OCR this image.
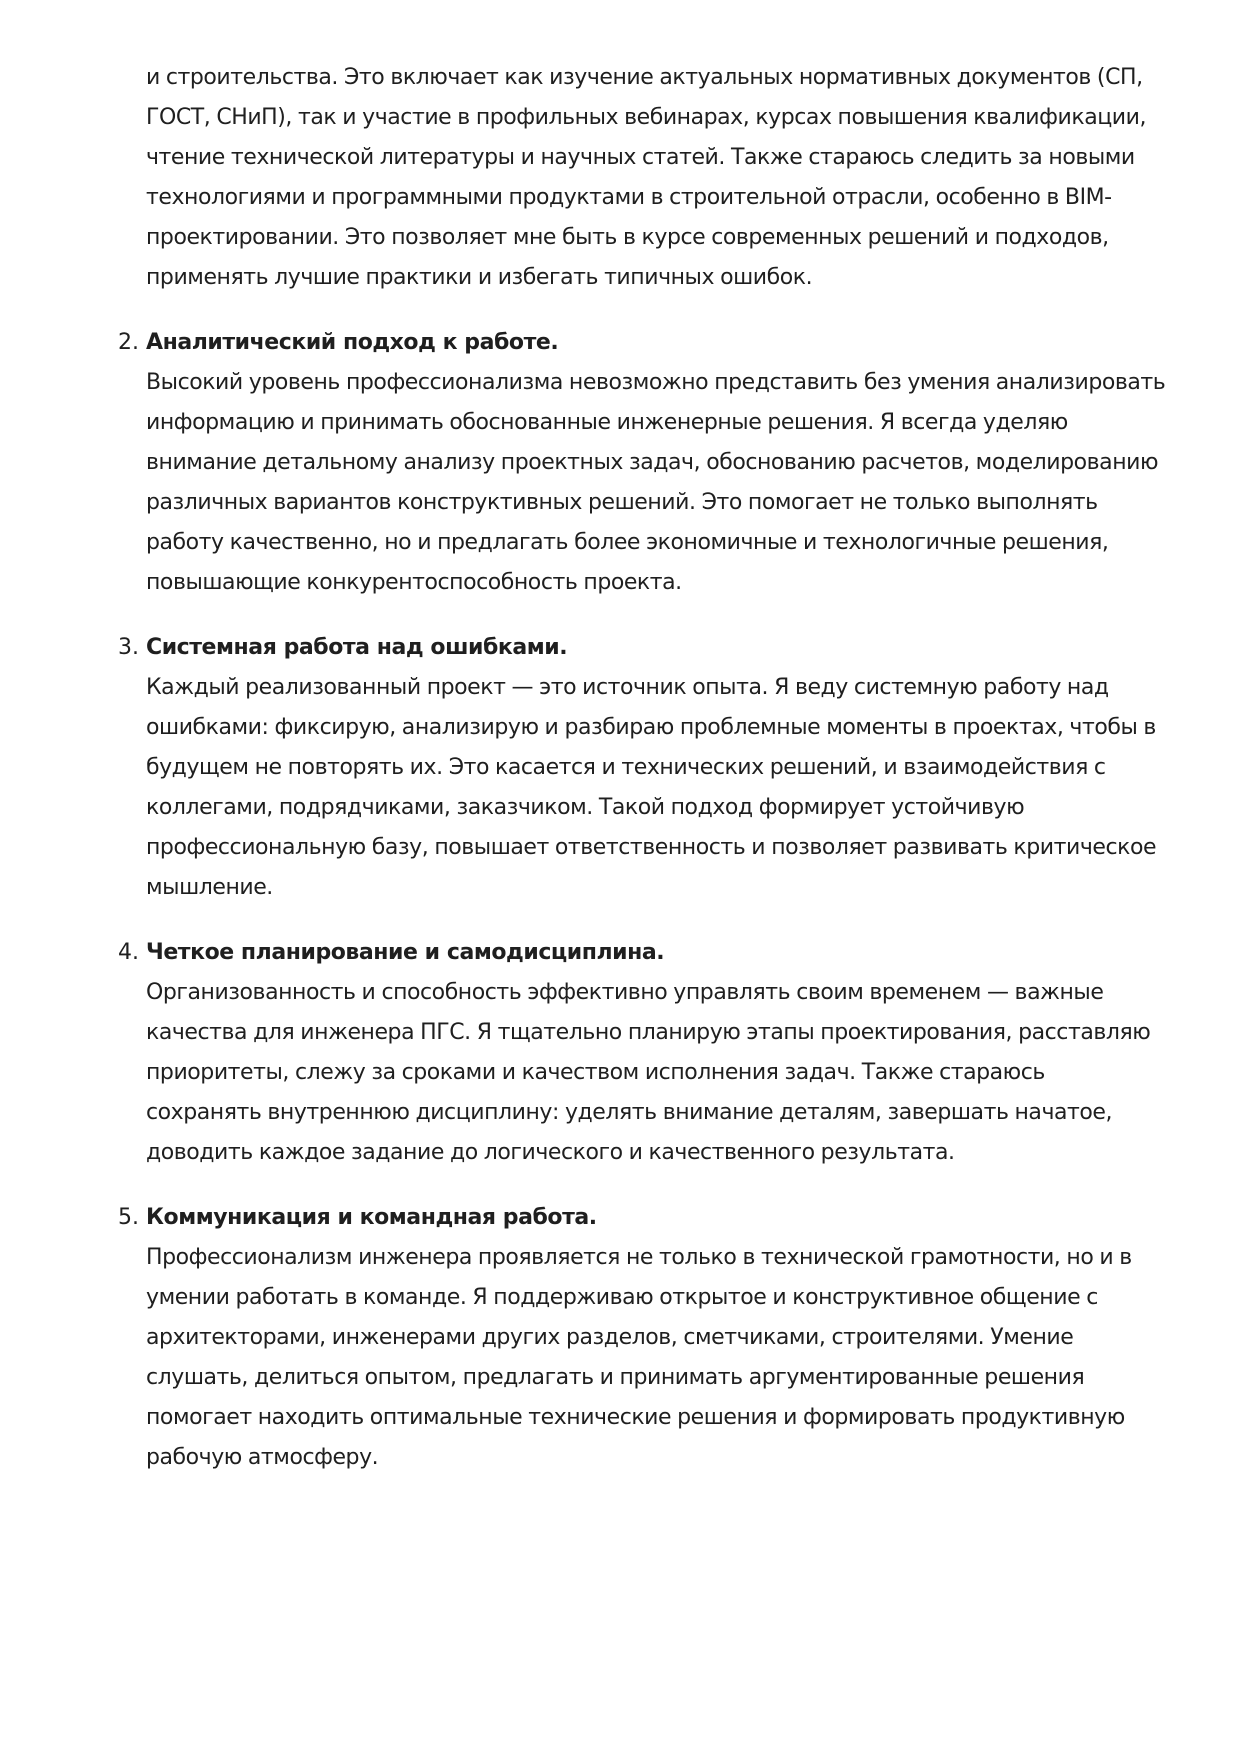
и строительства. Это включает как изучение актуальных нормативных документов (СП, ГОСТ, СНиП), так и участие в профильных вебинарах, курсах повышения квалификации, чтение технической литературы и научных статей. Также стараюсь следить за новыми технологиями и программными продуктами в строительной отрасли, особенно в BIM-проектировании. Это позволяет мне быть в курсе современных решений и подходов, применять лучшие практики и избегать типичных ошибок.

2. Аналитический подход к работе.

Высокий уровень профессионализма невозможно представить без умения анализировать информацию и принимать обоснованные инженерные решения. Я всегда уделяю внимание детальному анализу проектных задач, обоснованию расчетов, моделированию различных вариантов конструктивных решений. Это помогает не только выполнять работу качественно, но и предлагать более экономичные и технологичные решения, повышающие конкурентоспособность проекта.

3. Системная работа над ошибками.

Каждый реализованный проект — это источник опыта. Я веду системную работу над ошибками: фиксирую, анализирую и разбираю проблемные моменты в проектах, чтобы в будущем не повторять их. Это касается и технических решений, и взаимодействия с коллегами, подрядчиками, заказчиком. Такой подход формирует устойчивую профессиональную базу, повышает ответственность и позволяет развивать критическое мышление.

4. Четкое планирование и самодисциплина.

Организованность и способность эффективно управлять своим временем — важные качества для инженера ПГС. Я тщательно планирую этапы проектирования, расставляю приоритеты, слежу за сроками и качеством исполнения задач. Также стараюсь сохранять внутреннюю дисциплину: уделять внимание деталям, завершать начатое, доводить каждое задание до логического и качественного результата.

5. Коммуникация и командная работа.

Профессионализм инженера проявляется не только в технической грамотности, но и в умении работать в команде. Я поддерживаю открытое и конструктивное общение с архитекторами, инженерами других разделов, сметчиками, строителями. Умение слушать, делиться опытом, предлагать и принимать аргументированные решения помогает находить оптимальные технические решения и формировать продуктивную рабочую атмосферу.
